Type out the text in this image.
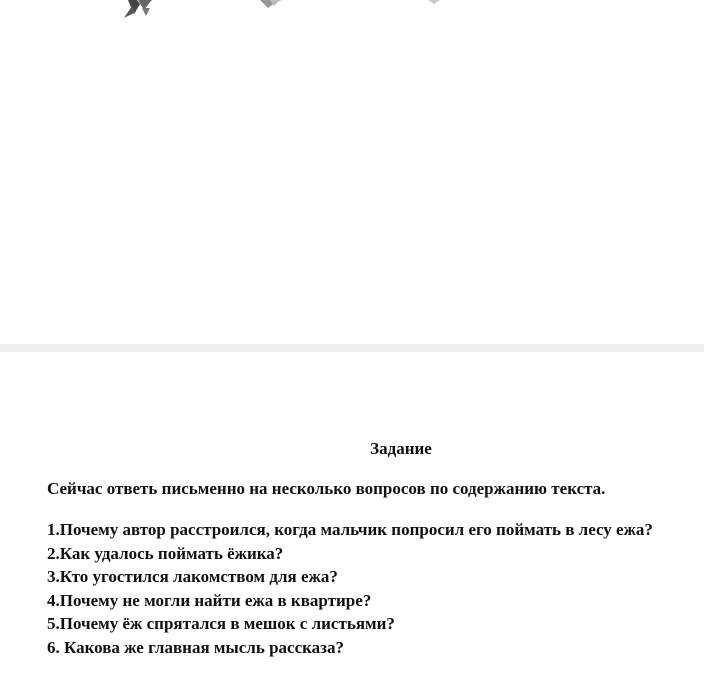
Задание
Сейчас ответь письменно на несколько вопросов по содержанию текста.
1.Почему автор расстроился, когда мальчик попросил его поймать в лесу ежа?
2.Как удалось поймать ёжика?
3.Кто угостился лакомством для ежа?
4.Почему не могли найти ежа в квартире?
5.Почему ёж спрятался в мешок с листьями?
6. Какова же главная мысль рассказа?
